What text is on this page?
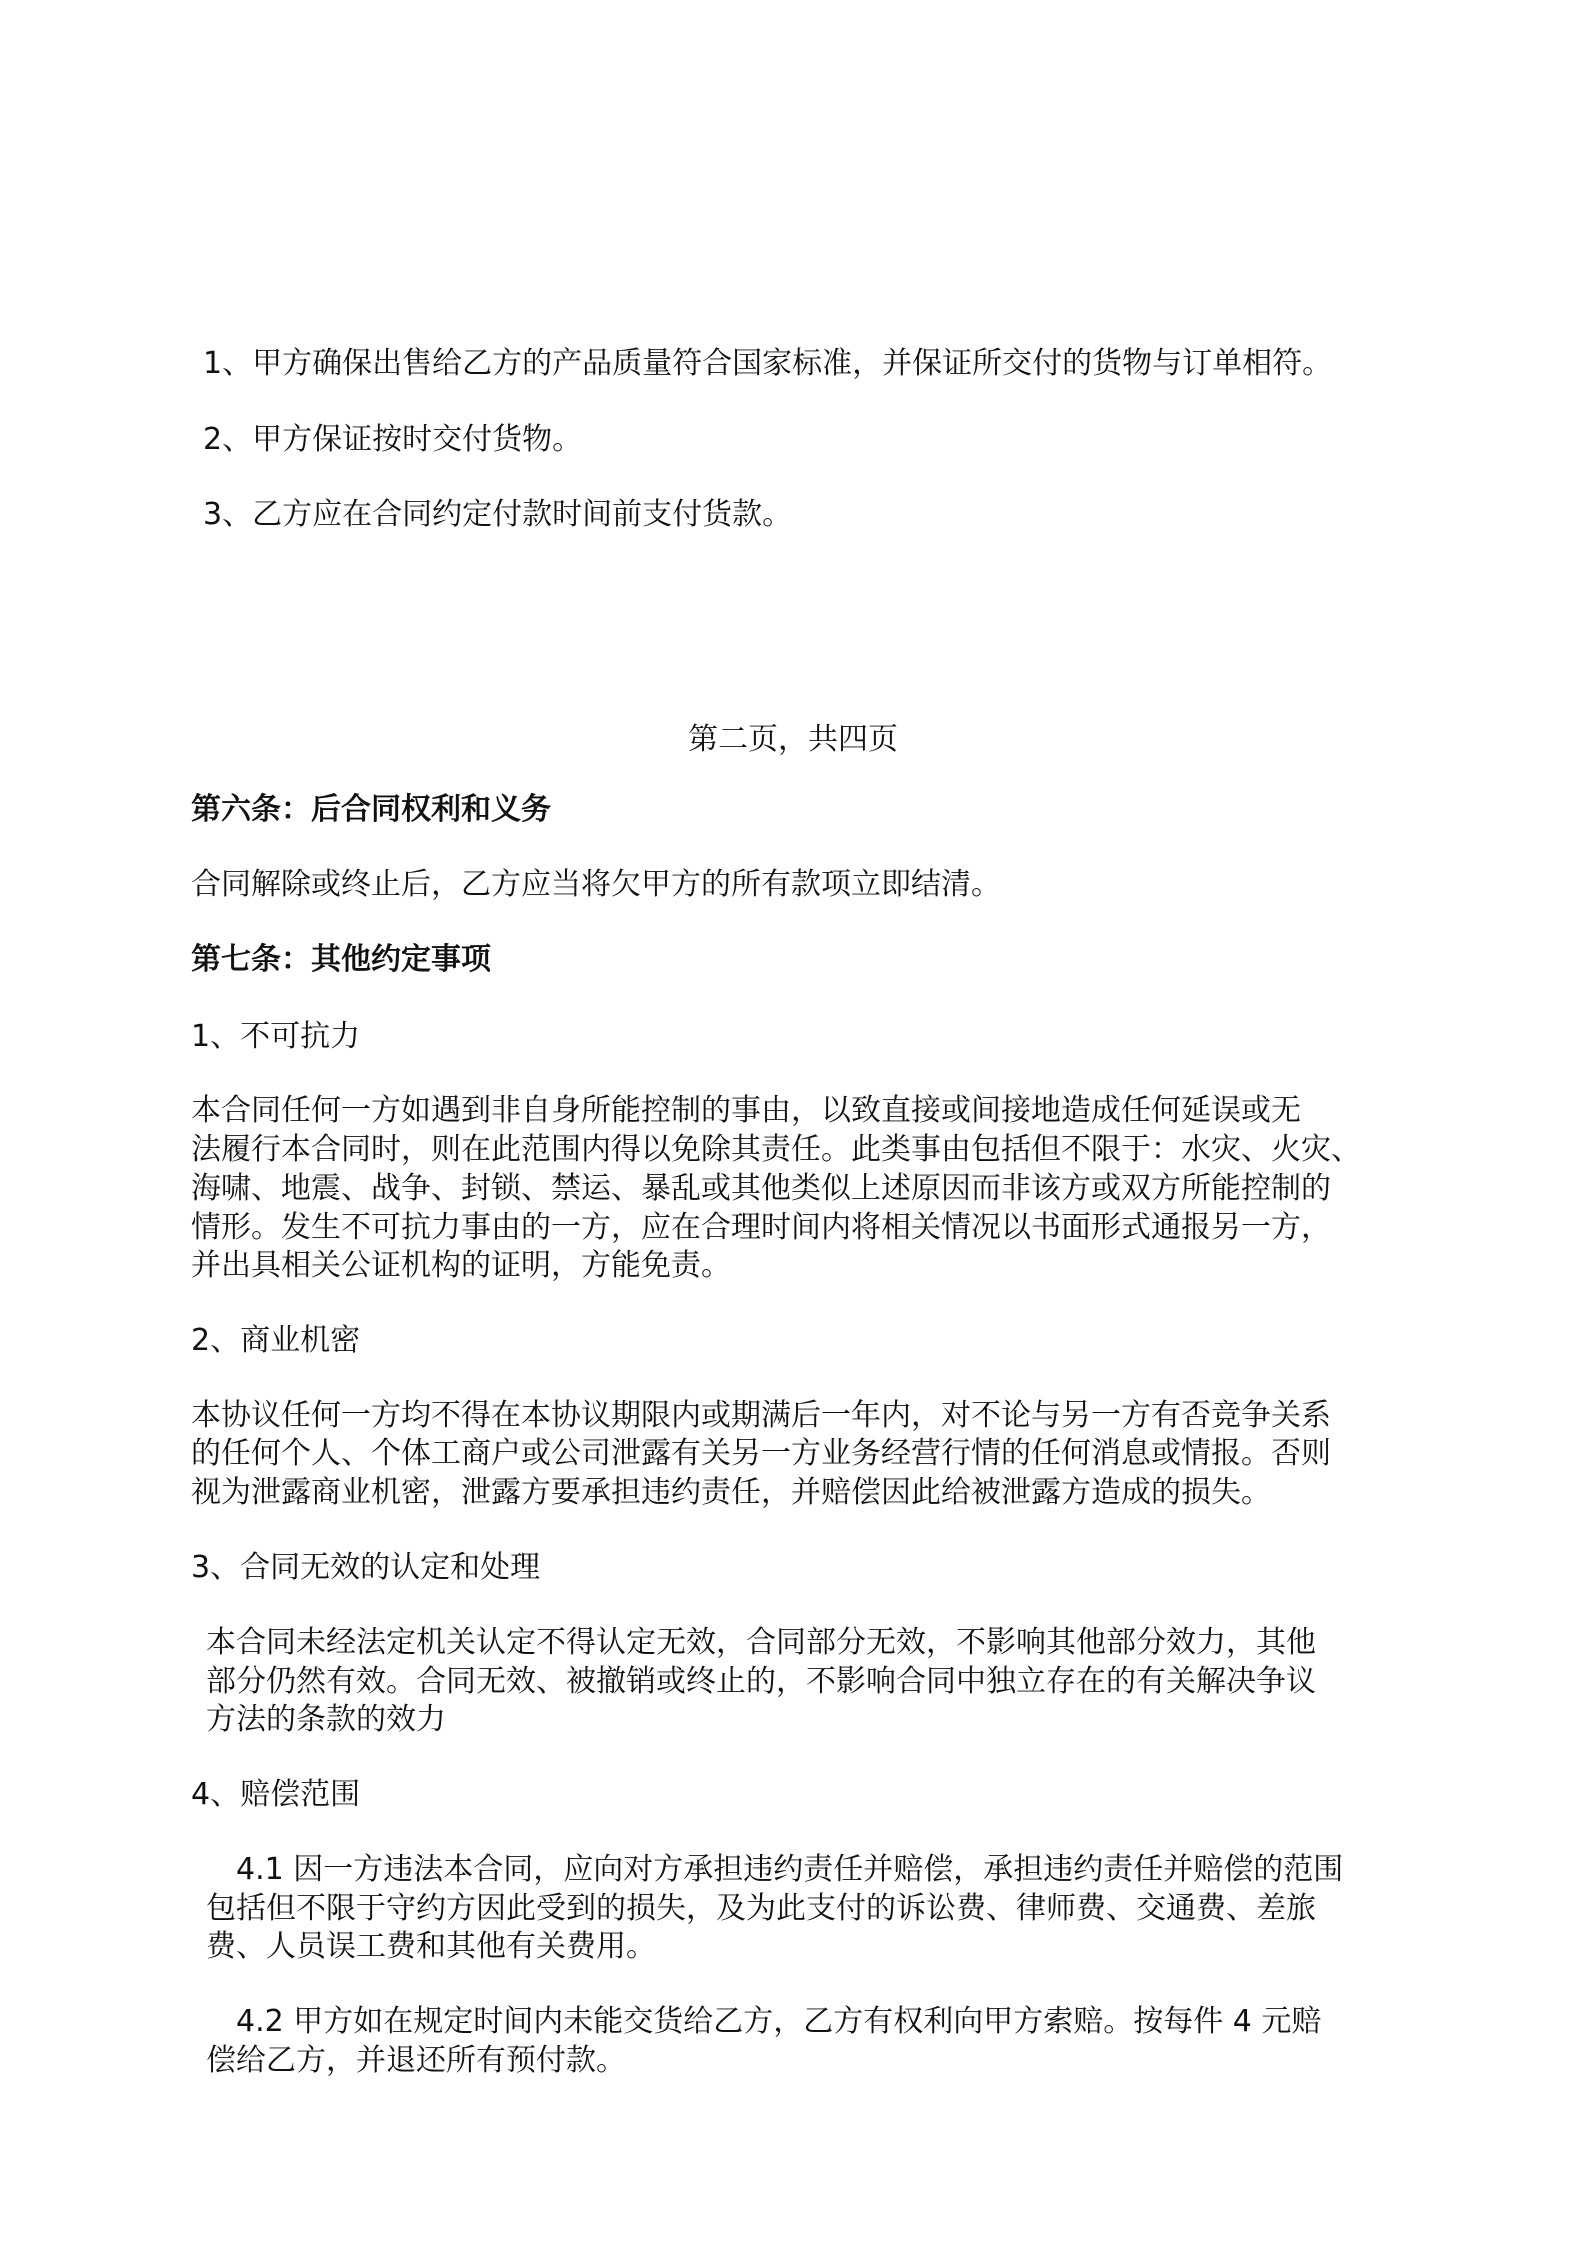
1、甲方确保出售给乙方的产品质量符合国家标准，并保证所交付的货物与订单相符。
2、甲方保证按时交付货物。
3、乙方应在合同约定付款时间前支付货款。
第二页，共四页
第六条：后合同权利和义务
合同解除或终止后，乙方应当将欠甲方的所有款项立即结清。
第七条：其他约定事项
1、不可抗力
本合同任何一方如遇到非自身所能控制的事由，以致直接或间接地造成任何延误或无
法履行本合同时，则在此范围内得以免除其责任。此类事由包括但不限于：水灾、火灾、
海啸、地震、战争、封锁、禁运、暴乱或其他类似上述原因而非该方或双方所能控制的
情形。发生不可抗力事由的一方，应在合理时间内将相关情况以书面形式通报另一方，
并出具相关公证机构的证明，方能免责。
2、商业机密
本协议任何一方均不得在本协议期限内或期满后一年内，对不论与另一方有否竞争关系
的任何个人、个体工商户或公司泄露有关另一方业务经营行情的任何消息或情报。否则
视为泄露商业机密，泄露方要承担违约责任，并赔偿因此给被泄露方造成的损失。
3、合同无效的认定和处理
本合同未经法定机关认定不得认定无效，合同部分无效，不影响其他部分效力，其他
部分仍然有效。合同无效、被撤销或终止的，不影响合同中独立存在的有关解决争议
方法的条款的效力
4、赔偿范围
4.1 因一方违法本合同，应向对方承担违约责任并赔偿，承担违约责任并赔偿的范围
包括但不限于守约方因此受到的损失，及为此支付的诉讼费、律师费、交通费、差旅
费、人员误工费和其他有关费用。
4.2 甲方如在规定时间内未能交货给乙方，乙方有权利向甲方索赔。按每件 4 元赔
偿给乙方，并退还所有预付款。
